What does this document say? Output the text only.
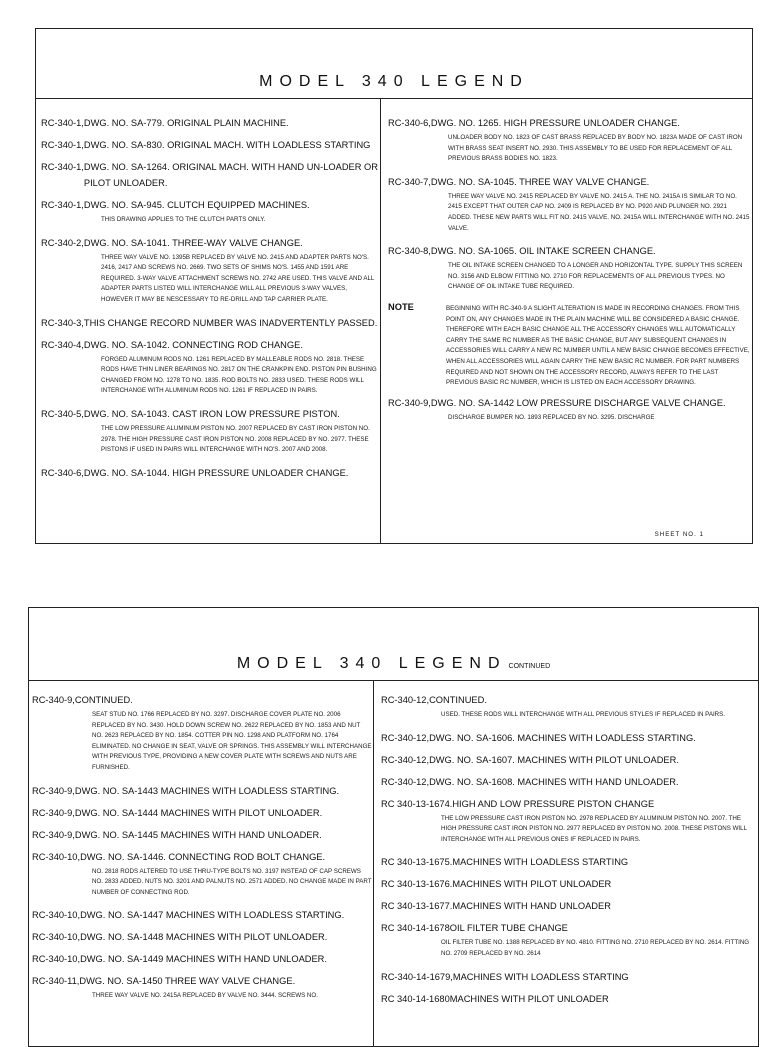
MODEL 340 LEGEND
RC-340-1, DWG. NO. SA-779. ORIGINAL PLAIN MACHINE.
RC-340-1, DWG. NO. SA-830. ORIGINAL MACH. WITH LOADLESS STARTING
RC-340-1, DWG. NO. SA-1264. ORIGINAL MACH. WITH HAND UN-LOADER OR PILOT UNLOADER.
RC-340-1, DWG. NO. SA-945. CLUTCH EQUIPPED MACHINES.
THIS DRAWING APPLIES TO THE CLUTCH PARTS ONLY.
RC-340-2, DWG. NO. SA-1041. THREE-WAY VALVE CHANGE.
THREE WAY VALVE NO. 1395B REPLACED BY VALVE NO. 2415 AND ADAPTER PARTS NO'S. 2416, 2417 AND SCREWS NO. 2669. TWO SETS OF SHIMS NO'S. 1455 AND 1591 ARE REQUIRED. 3-WAY VALVE ATTACHMENT SCREWS NO. 2742 ARE USED. THIS VALVE AND ALL ADAPTER PARTS LISTED WILL INTERCHANGE WILL ALL PREVIOUS 3-WAY VALVES, HOWEVER IT MAY BE NESCESSARY TO RE-DRILL AND TAP CARRIER PLATE.
RC-340-3, THIS CHANGE RECORD NUMBER WAS INADVERTENTLY PASSED.
RC-340-4, DWG. NO. SA-1042. CONNECTING ROD CHANGE.
FORGED ALUMINUM RODS NO. 1261 REPLACED BY MALLEABLE RODS NO. 2818. THESE RODS HAVE THIN LINER BEARINGS NO. 2817 ON THE CRANKPIN END. PISTON PIN BUSHING CHANGED FROM NO. 1278 TO NO. 1835. ROD BOLTS NO. 2833 USED. THESE RODS WILL INTERCHANGE WITH ALUMINUM RODS NO. 1261 IF REPLACED IN PAIRS.
RC-340-5, DWG. NO. SA-1043. CAST IRON LOW PRESSURE PISTON.
THE LOW PRESSURE ALUMINUM PISTON NO. 2007 REPLACED BY CAST IRON PISTON NO. 2978. THE HIGH PRESSURE CAST IRON PISTON NO. 2008 REPLACED BY NO. 2977. THESE PISTONS IF USED IN PAIRS WILL INTERCHANGE WITH NO'S. 2007 AND 2008.
RC-340-6, DWG. NO. SA-1044. HIGH PRESSURE UNLOADER CHANGE.
RC-340-6, DWG. NO. 1265. HIGH PRESSURE UNLOADER CHANGE.
UNLOADER BODY NO. 1823 OF CAST BRASS REPLACED BY BODY NO. 1823A MADE OF CAST IRON WITH BRASS SEAT INSERT NO. 2930. THIS ASSEMBLY TO BE USED FOR REPLACEMENT OF ALL PREVIOUS BRASS BODIES NO. 1823.
RC-340-7, DWG. NO. SA-1045. THREE WAY VALVE CHANGE.
THREE WAY VALVE NO. 2415 REPLACED BY VALVE NO. 2415 A. THE NO. 2415A IS SIMILAR TO NO. 2415 EXCEPT THAT OUTER CAP NO. 2409 IS REPLACED BY NO. P920 AND PLUNGER NO. 2921 ADDED. THESE NEW PARTS WILL FIT NO. 2415 VALVE. NO. 2415A WILL INTERCHANGE WITH NO. 2415 VALVE.
RC-340-8, DWG. NO. SA-1065. OIL INTAKE SCREEN CHANGE.
THE OIL INTAKE SCREEN CHANGED TO A LONGER AND HORIZONTAL TYPE. SUPPLY THIS SCREEN NO. 3156 AND ELBOW FITTING NO. 2710 FOR REPLACEMENTS OF ALL PREVIOUS TYPES. NO CHANGE OF OIL INTAKE TUBE REQUIRED.
NOTE	BEGINNING WITH RC-340-9 A SLIGHT ALTERATION IS MADE IN RECORDING CHANGES. FROM THIS POINT ON, ANY CHANGES MADE IN THE PLAIN MACHINE WILL BE CONSIDERED A BASIC CHANGE. THEREFORE WITH EACH BASIC CHANGE ALL THE ACCESSORY CHANGES WILL AUTOMATICALLY CARRY THE SAME RC NUMBER AS THE BASIC CHANGE, BUT ANY SUBSEQUENT CHANGES IN ACCESSORIES WILL CARRY A NEW RC NUMBER UNTIL A NEW BASIC CHANGE BECOMES EFFECTIVE, WHEN ALL ACCESSORIES WILL AGAIN CARRY THE NEW BASIC RC NUMBER. FOR PART NUMBERS REQUIRED AND NOT SHOWN ON THE ACCESSORY RECORD, ALWAYS REFER TO THE LAST PREVIOUS BASIC RC NUMBER, WHICH IS LISTED ON EACH ACCESSORY DRAWING.
RC-340-9, DWG. NO. SA-1442 LOW PRESSURE DISCHARGE VALVE CHANGE.
DISCHARGE BUMPER NO. 1893 REPLACED BY NO. 3295. DISCHARGE
SHEET NO. 1
MODEL 340 LEGEND CONTINUED
RC-340-9, CONTINUED.
SEAT STUD NO. 1766 REPLACED BY NO. 3297. DISCHARGE COVER PLATE NO. 2006 REPLACED BY NO. 3430. HOLD DOWN SCREW NO. 2622 REPLACED BY NO. 1853 AND NUT NO. 2623 REPLACED BY NO. 1854. COTTER PIN NO. 1298 AND PLATFORM NO. 1764 ELIMINATED. NO CHANGE IN SEAT, VALVE OR SPRINGS. THIS ASSEMBLY WILL INTERCHANGE WITH PREVIOUS TYPE, PROVIDING A NEW COVER PLATE WITH SCREWS AND NUTS ARE FURNISHED.
RC-340-9, DWG. NO. SA-1443 MACHINES WITH LOADLESS STARTING.
RC-340-9, DWG. NO. SA-1444 MACHINES WITH PILOT UNLOADER.
RC-340-9, DWG. NO. SA-1445 MACHINES WITH HAND UNLOADER.
RC-340-10, DWG. NO. SA-1446. CONNECTING ROD BOLT CHANGE.
NO. 2818 RODS ALTERED TO USE THRU-TYPE BOLTS NO. 3197 INSTEAD OF CAP SCREWS NO. 2833 ADDED. NUTS NO. 3201 AND PALNUTS NO. 2571 ADDED. NO CHANGE MADE IN PART NUMBER OF CONNECTING ROD.
RC-340-10, DWG. NO. SA-1447 MACHINES WITH LOADLESS STARTING.
RC-340-10, DWG. NO. SA-1448 MACHINES WITH PILOT UNLOADER.
RC-340-10, DWG. NO. SA-1449 MACHINES WITH HAND UNLOADER.
RC-340-11, DWG. NO. SA-1450 THREE WAY VALVE CHANGE.
THREE WAY VALVE NO. 2415A REPLACED BY VALVE NO. 3444. SCREWS NO.
RC-340-12, CONTINUED.
USED. THESE RODS WILL INTERCHANGE WITH ALL PREVIOUS STYLES IF REPLACED IN PAIRS.
RC-340-12, DWG. NO. SA-1606. MACHINES WITH LOADLESS STARTING.
RC-340-12, DWG. NO. SA-1607. MACHINES WITH PILOT UNLOADER.
RC-340-12, DWG. NO. SA-1608. MACHINES WITH HAND UNLOADER.
RC 340-13-1674. HIGH AND LOW PRESSURE PISTON CHANGE
THE LOW PRESSURE CAST IRON PISTON NO. 2978 REPLACED BY ALUMINUM PISTON NO. 2007. THE HIGH PRESSURE CAST IRON PISTON NO. 2977 REPLACED BY PISTON NO. 2008. THESE PISTONS WILL INTERCHANGE WITH ALL PREVIOUS ONES IF REPLACED IN PAIRS.
RC 340-13-1675. MACHINES WITH LOADLESS STARTING
RC 340-13-1676. MACHINES WITH PILOT UNLOADER
RC 340-13-1677. MACHINES WITH HAND UNLOADER
RC 340-14-1678 OIL FILTER TUBE CHANGE
OIL FILTER TUBE NO. 1388 REPLACED BY NO. 4810. FITTING NO. 2710 REPLACED BY NO. 2614. FITTING NO. 2709 REPLACED BY NO. 2614
RC-340-14-1679, MACHINES WITH LOADLESS STARTING
RC 340-14-1680 MACHINES WITH PILOT UNLOADER
